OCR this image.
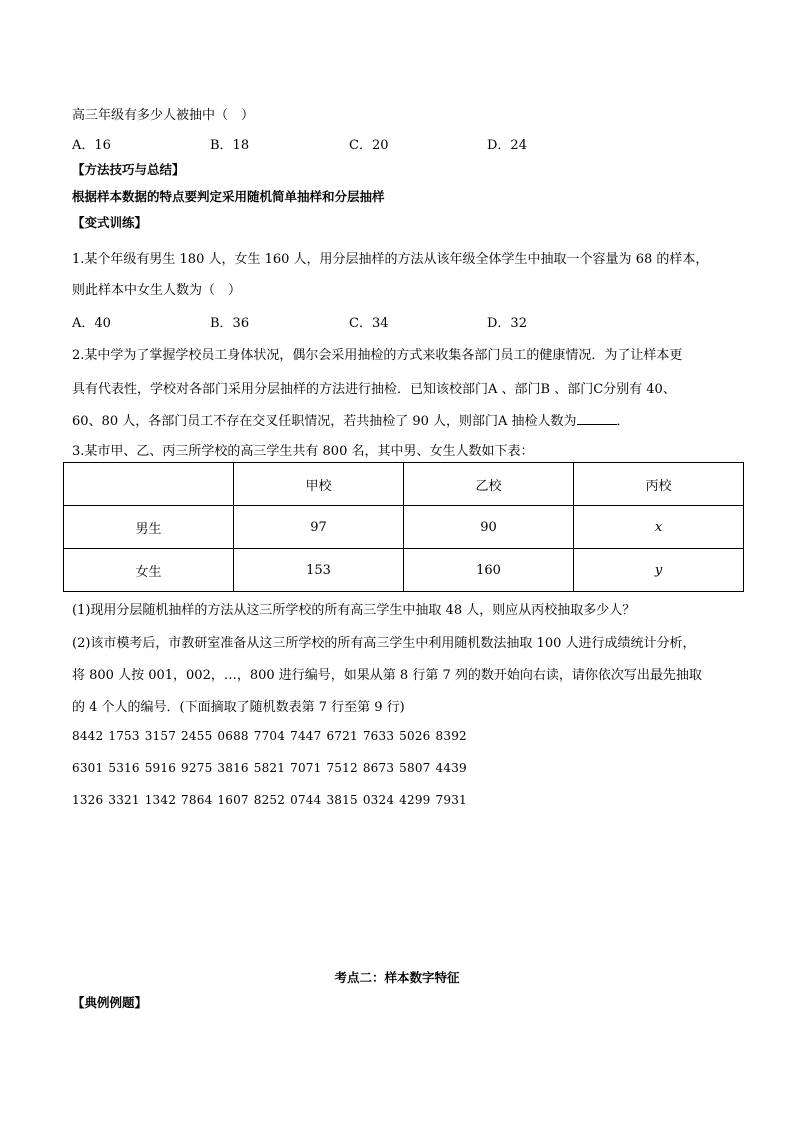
高三年级有多少人被抽中（　）
A．16	B．18	C．20	D．24
【方法技巧与总结】
根据样本数据的特点要判定采用随机简单抽样和分层抽样
【变式训练】
1.某个年级有男生 180 人，女生 160 人，用分层抽样的方法从该年级全体学生中抽取一个容量为 68 的样本，
则此样本中女生人数为（　）
A．40	B．36	C．34	D．32
2.某中学为了掌握学校员工身体状况，偶尔会采用抽检的方式来收集各部门员工的健康情况．为了让样本更
具有代表性，学校对各部门采用分层抽样的方法进行抽检．已知该校部门A 、部门B 、部门C分别有 40、
60、80 人，各部门员工不存在交叉任职情况，若共抽检了 90 人，则部门A 抽检人数为	．
3.某市甲、乙、丙三所学校的高三学生共有 800 名，其中男、女生人数如下表：
	甲校	乙校	丙校
男生	97	90	x
女生	153	160	y
(1)现用分层随机抽样的方法从这三所学校的所有高三学生中抽取 48 人，则应从丙校抽取多少人？
(2)该市模考后，市教研室准备从这三所学校的所有高三学生中利用随机数法抽取 100 人进行成绩统计分析，
将 800 人按 001，002，…，800 进行编号，如果从第 8 行第 7 列的数开始向右读，请你依次写出最先抽取
的 4 个人的编号．(下面摘取了随机数表第 7 行至第 9 行)
8442 1753 3157 2455 0688 7704 7447 6721 7633 5026 8392
6301 5316 5916 9275 3816 5821 7071 7512 8673 5807 4439
1326 3321 1342 7864 1607 8252 0744 3815 0324 4299 7931
考点二：样本数字特征
【典例例题】
